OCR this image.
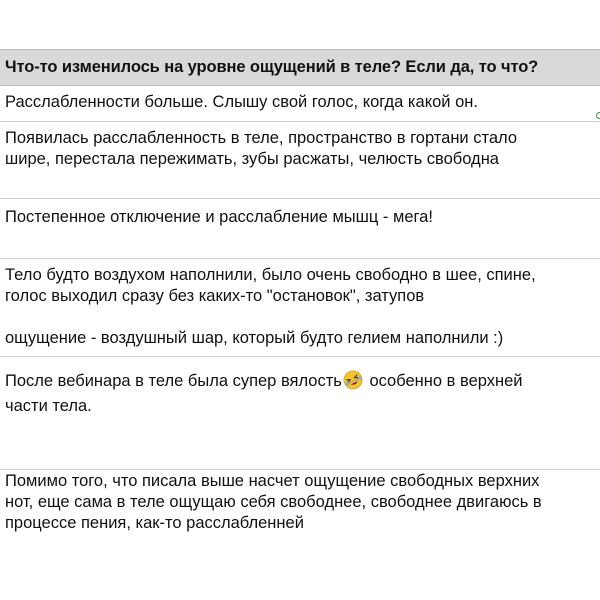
Что-то изменилось на уровне ощущений в теле? Если да, то что?
Расслабленности больше. Слышу свой голос, когда какой он.
Появилась расслабленность в теле, пространство в гортани стало
шире, перестала пережимать, зубы расжаты, челюсть свободна
Постепенное отключение и расслабление мышц - мега!
Тело будто воздухом наполнили, было очень свободно в шее, спине,
голос выходил сразу без каких-то "остановок", затупов
ощущение - воздушный шар, который будто гелием наполнили :)
После вебинара в теле была супер вялость особенно в верхней
части тела.
Помимо того, что писала выше насчет ощущение свободных верхних
нот, еще сама в теле ощущаю себя свободнее, свободнее двигаюсь в
процессе пения, как-то расслабленней
